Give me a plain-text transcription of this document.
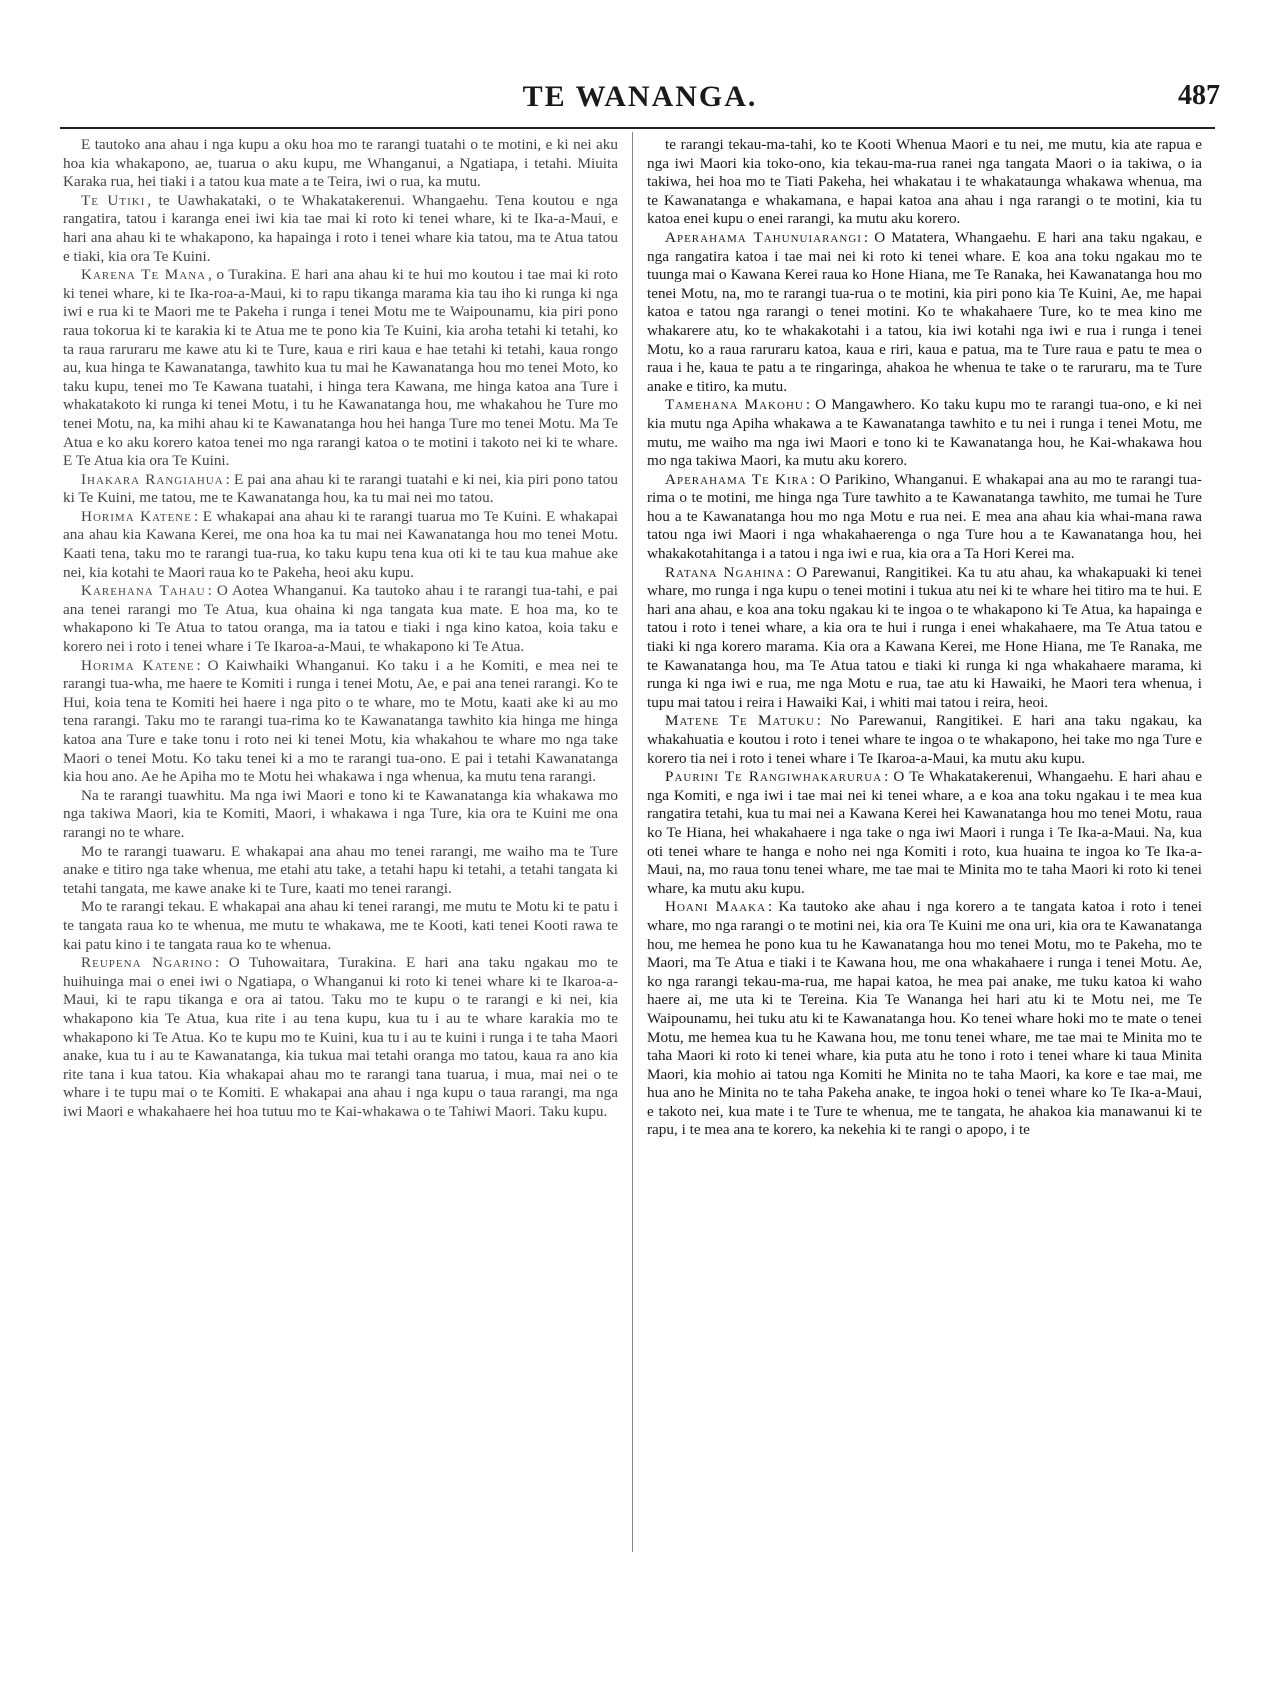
TE WANANGA.	487

E tautoko ana ahau i nga kupu a oku hoa mo te rarangi tuatahi o te motini, e ki nei aku hoa kia whakapono, ae, tuarua o aku kupu, me Whanganui, a Ngatiapa, i tetahi. Miuita Karaka rua, hei tiaki i a tatou kua mate a te Teira, iwi o rua, ka mutu.

Te Utiki , te Uawhakataki, o te Whakatakerenui. Whangaehu. Tena koutou e nga rangatira, tatou i karanga enei iwi kia tae mai ki roto ki tenei whare, ki te Ika-a-Maui, e hari ana ahau ki te whakapono, ka hapainga i roto i tenei whare kia tatou, ma te Atua tatou e tiaki, kia ora Te Kuini.

Karena Te Mana , o Turakina. E hari ana ahau ki te hui mo koutou i tae mai ki roto ki tenei whare, ki te Ika-roa-a-Maui, ki to rapu tikanga marama kia tau iho ki runga ki nga iwi e rua ki te Maori me te Pakeha i runga i tenei Motu me te Waipounamu, kia piri pono raua tokorua ki te karakia ki te Atua me te pono kia Te Kuini, kia aroha tetahi ki tetahi, ko ta raua raruraru me kawe atu ki te Ture, kaua e riri kaua e hae tetahi ki tetahi, kaua rongo au, kua hinga te Kawanatanga, tawhito kua tu mai he Kawanatanga hou mo tenei Moto, ko taku kupu, tenei mo Te Kawana tuatahi, i hinga tera Kawana, me hinga katoa ana Ture i whakatakoto ki runga ki tenei Motu, i tu he Kawanatanga hou, me whakahou he Ture mo tenei Motu, na, ka mihi ahau ki te Kawanatanga hou hei hanga Ture mo tenei Motu. Ma Te Atua e ko aku korero katoa tenei mo nga rarangi katoa o te motini i takoto nei ki te whare. E Te Atua kia ora Te Kuini.

Ihakara Rangiahua : E pai ana ahau ki te rarangi tuatahi e ki nei, kia piri pono tatou ki Te Kuini, me tatou, me te Kawanatanga hou, ka tu mai nei mo tatou.

Horima Katene : E whakapai ana ahau ki te rarangi tuarua mo Te Kuini. E whakapai ana ahau kia Kawana Kerei, me ona hoa ka tu mai nei Kawanatanga hou mo tenei Motu. Kaati tena, taku mo te rarangi tua-rua, ko taku kupu tena kua oti ki te tau kua mahue ake nei, kia kotahi te Maori raua ko te Pakeha, heoi aku kupu.

Karehana Tahau : O Aotea Whanganui. Ka tautoko ahau i te rarangi tua-tahi, e pai ana tenei rarangi mo Te Atua, kua ohaina ki nga tangata kua mate. E hoa ma, ko te whakapono ki Te Atua to tatou oranga, ma ia tatou e tiaki i nga kino katoa, koia taku e korero nei i roto i tenei whare i Te Ikaroa-a-Maui, te whakapono ki Te Atua.

Horima Katene : O Kaiwhaiki Whanganui. Ko taku i a he Komiti, e mea nei te rarangi tua-wha, me haere te Komiti i runga i tenei Motu, Ae, e pai ana tenei rarangi. Ko te Hui, koia tena te Komiti hei haere i nga pito o te whare, mo te Motu, kaati ake ki au mo tena rarangi. Taku mo te rarangi tua-rima ko te Kawanatanga tawhito kia hinga me hinga katoa ana Ture e take tonu i roto nei ki tenei Motu, kia whakahou te whare mo nga take Maori o tenei Motu. Ko taku tenei ki a mo te rarangi tua-ono. E pai i tetahi Kawanatanga kia hou ano. Ae he Apiha mo te Motu hei whakawa i nga whenua, ka mutu tena rarangi.

Na te rarangi tuawhitu. Ma nga iwi Maori e tono ki te Kawanatanga kia whakawa mo nga takiwa Maori, kia te Komiti, Maori, i whakawa i nga Ture, kia ora te Kuini me ona rarangi no te whare.

Mo te rarangi tuawaru. E whakapai ana ahau mo tenei rarangi, me waiho ma te Ture anake e titiro nga take whenua, me etahi atu take, a tetahi hapu ki tetahi, a tetahi tangata ki tetahi tangata, me kawe anake ki te Ture, kaati mo tenei rarangi.

Mo te rarangi tekau. E whakapai ana ahau ki tenei rarangi, me mutu te Motu ki te patu i te tangata raua ko te whenua, me mutu te whakawa, me te Kooti, kati tenei Kooti rawa te kai patu kino i te tangata raua ko te whenua.

Reupena Ngarino : O Tuhowaitara, Turakina. E hari ana taku ngakau mo te huihuinga mai o enei iwi o Ngatiapa, o Whanganui ki roto ki tenei whare ki te Ikaroa-a-Maui, ki te rapu tikanga e ora ai tatou. Taku mo te kupu o te rarangi e ki nei, kia whakapono kia Te Atua, kua rite i au tena kupu, kua tu i au te whare karakia mo te whakapono ki Te Atua. Ko te kupu mo te Kuini, kua tu i au te kuini i runga i te taha Maori anake, kua tu i au te Kawanatanga, kia tukua mai tetahi oranga mo tatou, kaua ra ano kia rite tana i kua tatou. Kia whakapai ahau mo te rarangi tana tuarua, i mua, mai nei o te whare i te tupu mai o te Komiti. E whakapai ana ahau i nga kupu o taua rarangi, ma nga iwi Maori e whakahaere hei hoa tutuu mo te Kai-whakawa o te Tahiwi Maori. Taku kupu.

te rarangi tekau-ma-tahi, ko te Kooti Whenua Maori e tu nei, me mutu, kia ate rapua e nga iwi Maori kia toko-ono, kia tekau-ma-rua ranei nga tangata Maori o ia takiwa, o ia takiwa, hei hoa mo te Tiati Pakeha, hei whakatau i te whakataunga whakawa whenua, ma te Kawanatanga e whakamana, e hapai katoa ana ahau i nga rarangi o te motini, kia tu katoa enei kupu o enei rarangi, ka mutu aku korero.

Aperahama Tahunuiarangi : O Matatera, Whangaehu. E hari ana taku ngakau, e nga rangatira katoa i tae mai nei ki roto ki tenei whare. E koa ana toku ngakau mo te tuunga mai o Kawana Kerei raua ko Hone Hiana, me Te Ranaka, hei Kawanatanga hou mo tenei Motu, na, mo te rarangi tua-rua o te motini, kia piri pono kia Te Kuini, Ae, me hapai katoa e tatou nga rarangi o tenei motini. Ko te whakahaere Ture, ko te mea kino me whakarere atu, ko te whakakotahi i a tatou, kia iwi kotahi nga iwi e rua i runga i tenei Motu, ko a raua raruraru katoa, kaua e riri, kaua e patua, ma te Ture raua e patu te mea o raua i he, kaua te patu a te ringaringa, ahakoa he whenua te take o te raruraru, ma te Ture anake e titiro, ka mutu.

Tamehana Makohu : O Mangawhero. Ko taku kupu mo te rarangi tua-ono, e ki nei kia mutu nga Apiha whakawa a te Kawanatanga tawhito e tu nei i runga i tenei Motu, me mutu, me waiho ma nga iwi Maori e tono ki te Kawanatanga hou, he Kai-whakawa hou mo nga takiwa Maori, ka mutu aku korero.

Aperahama Te Kira : O Parikino, Whanganui. E whakapai ana au mo te rarangi tua-rima o te motini, me hinga nga Ture tawhito a te Kawanatanga tawhito, me tumai he Ture hou a te Kawanatanga hou mo nga Motu e rua nei. E mea ana ahau kia whai-mana rawa tatou nga iwi Maori i nga whakahaerenga o nga Ture hou a te Kawanatanga hou, hei whakakotahitanga i a tatou i nga iwi e rua, kia ora a Ta Hori Kerei ma.

Ratana Ngahina : O Parewanui, Rangitikei. Ka tu atu ahau, ka whakapuaki ki tenei whare, mo runga i nga kupu o tenei motini i tukua atu nei ki te whare hei titiro ma te hui. E hari ana ahau, e koa ana toku ngakau ki te ingoa o te whakapono ki Te Atua, ka hapainga e tatou i roto i tenei whare, a kia ora te hui i runga i enei whakahaere, ma Te Atua tatou e tiaki ki nga korero marama. Kia ora a Kawana Kerei, me Hone Hiana, me Te Ranaka, me te Kawanatanga hou, ma Te Atua tatou e tiaki ki runga ki nga whakahaere marama, ki runga ki nga iwi e rua, me nga Motu e rua, tae atu ki Hawaiki, he Maori tera whenua, i tupu mai tatou i reira i Hawaiki Kai, i whiti mai tatou i reira, heoi.

Matene Te Matuku : No Parewanui, Rangitikei. E hari ana taku ngakau, ka whakahuatia e koutou i roto i tenei whare te ingoa o te whakapono, hei take mo nga Ture e korero tia nei i roto i tenei whare i Te Ikaroa-a-Maui, ka mutu aku kupu.

Paurini Te Rangiwhakaruruа : O Te Whakatakerenui, Whangaehu. E hari ahau e nga Komiti, e nga iwi i tae mai nei ki tenei whare, a e koa ana toku ngakau i te mea kua rangatira tetahi, kua tu mai nei a Kawana Kerei hei Kawanatanga hou mo tenei Motu, raua ko Te Hiana, hei whakahaere i nga take o nga iwi Maori i runga i Te Ika-a-Maui. Na, kua oti tenei whare te hanga e noho nei nga Komiti i roto, kua huaina te ingoa ko Te Ika-a-Maui, na, mo raua tonu tenei whare, me tae mai te Minita mo te taha Maori ki roto ki tenei whare, ka mutu aku kupu.

Hoani Maaka : Ka tautoko ake ahau i nga korero a te tangata katoa i roto i tenei whare, mo nga rarangi o te motini nei, kia ora Te Kuini me ona uri, kia ora te Kawanatanga hou, me hemea he pono kua tu he Kawanatanga hou mo tenei Motu, mo te Pakeha, mo te Maori, ma Te Atua e tiaki i te Kawana hou, me ona whakahaere i runga i tenei Motu. Ae, ko nga rarangi tekau-ma-rua, me hapai katoa, he mea pai anake, me tuku katoa ki waho haere ai, me uta ki te Tereina. Kia Te Wananga hei hari atu ki te Motu nei, me Te Waipounamu, hei tuku atu ki te Kawanatanga hou. Ko tenei whare hoki mo te mate o tenei Motu, me hemea kua tu he Kawana hou, me tonu tenei whare, me tae mai te Minita mo te taha Maori ki roto ki tenei whare, kia puta atu he tono i roto i tenei whare ki taua Minita Maori, kia mohio ai tatou nga Komiti he Minita no te taha Maori, ka kore e tae mai, me hua ano he Minita no te taha Pakeha anake, te ingoa hoki o tenei whare ko Te Ika-a-Maui, e takoto nei, kua mate i te Ture te whenua, me te tangata, he ahakoa kia manawanui ki te rapu, i te mea ana te korero, ka nekehia ki te rangi o apopo, i te
